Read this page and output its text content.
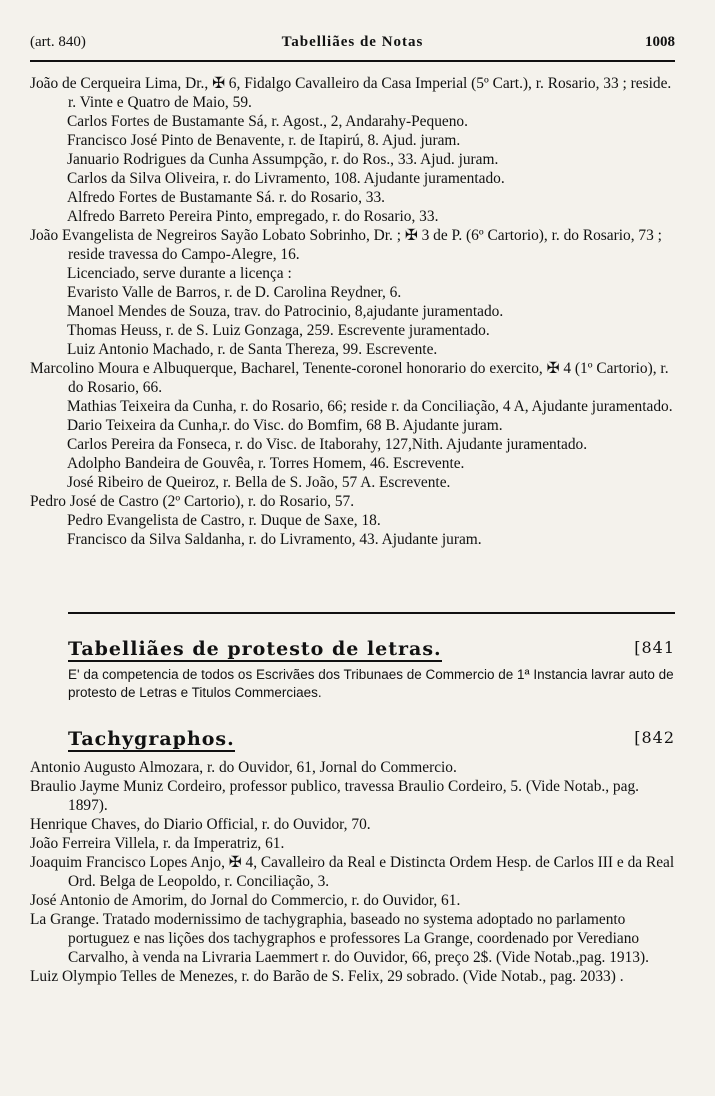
(art. 840)	Tabelliães de Notas	1008

João de Cerqueira Lima, Dr., ✠ 6, Fidalgo Cavalleiro da Casa Imperial (5º Cart.), r. Rosario, 33 ; reside. r. Vinte e Quatro de Maio, 59.

Carlos Fortes de Bustamante Sá, r. Agost., 2, Andarahy-Pequeno.

Francisco José Pinto de Benavente, r. de Itapirú, 8. Ajud. juram.

Januario Rodrigues da Cunha Assumpção, r. do Ros., 33. Ajud. juram.

Carlos da Silva Oliveira, r. do Livramento, 108. Ajudante juramentado.

Alfredo Fortes de Bustamante Sá. r. do Rosario, 33.

Alfredo Barreto Pereira Pinto, empregado, r. do Rosario, 33.

João Evangelista de Negreiros Sayão Lobato Sobrinho, Dr. ; ✠ 3 de P. (6º Cartorio), r. do Rosario, 73 ; reside travessa do Campo-Alegre, 16.

Licenciado, serve durante a licença :

Evaristo Valle de Barros, r. de D. Carolina Reydner, 6.

Manoel Mendes de Souza, trav. do Patrocinio, 8,ajudante juramentado.

Thomas Heuss, r. de S. Luiz Gonzaga, 259. Escrevente juramentado.

Luiz Antonio Machado, r. de Santa Thereza, 99. Escrevente.

Marcolino Moura e Albuquerque, Bacharel, Tenente-coronel honorario do exercito, ✠ 4 (1º Cartorio), r. do Rosario, 66.

Mathias Teixeira da Cunha, r. do Rosario, 66; reside r. da Conciliação, 4 A, Ajudante juramentado.

Dario Teixeira da Cunha,r. do Visc. do Bomfim, 68 B. Ajudante juram.

Carlos Pereira da Fonseca, r. do Visc. de Itaborahy, 127,Nith. Ajudante juramentado.

Adolpho Bandeira de Gouvêa, r. Torres Homem, 46. Escrevente.

José Ribeiro de Queiroz, r. Bella de S. João, 57 A. Escrevente.

Pedro José de Castro (2º Cartorio), r. do Rosario, 57.

Pedro Evangelista de Castro, r. Duque de Saxe, 18.

Francisco da Silva Saldanha, r. do Livramento, 43. Ajudante juram.

Tabelliães de protesto de letras.	[841
E' da competencia de todos os Escrivães dos Tribunaes de Commercio de 1ª Instancia lavrar auto de protesto de Letras e Titulos Commerciaes.
Tachygraphos.	[842

Antonio Augusto Almozara, r. do Ouvidor, 61, Jornal do Commercio.

Braulio Jayme Muniz Cordeiro, professor publico, travessa Braulio Cordeiro, 5. (Vide Notab., pag. 1897).

Henrique Chaves, do Diario Official, r. do Ouvidor, 70.

João Ferreira Villela, r. da Imperatriz, 61.

Joaquim Francisco Lopes Anjo, ✠ 4, Cavalleiro da Real e Distincta Ordem Hesp. de Carlos III e da Real Ord. Belga de Leopoldo, r. Conciliação, 3.

José Antonio de Amorim, do Jornal do Commercio, r. do Ouvidor, 61.

La Grange. Tratado modernissimo de tachygraphia, baseado no systema adoptado no parlamento portuguez e nas lições dos tachygraphos e professores La Grange, coordenado por Verediano Carvalho, à venda na Livraria Laemmert r. do Ouvidor, 66, preço 2$. (Vide Notab.,pag. 1913).

Luiz Olympio Telles de Menezes, r. do Barão de S. Felix, 29 sobrado. (Vide Notab., pag. 2033) .
